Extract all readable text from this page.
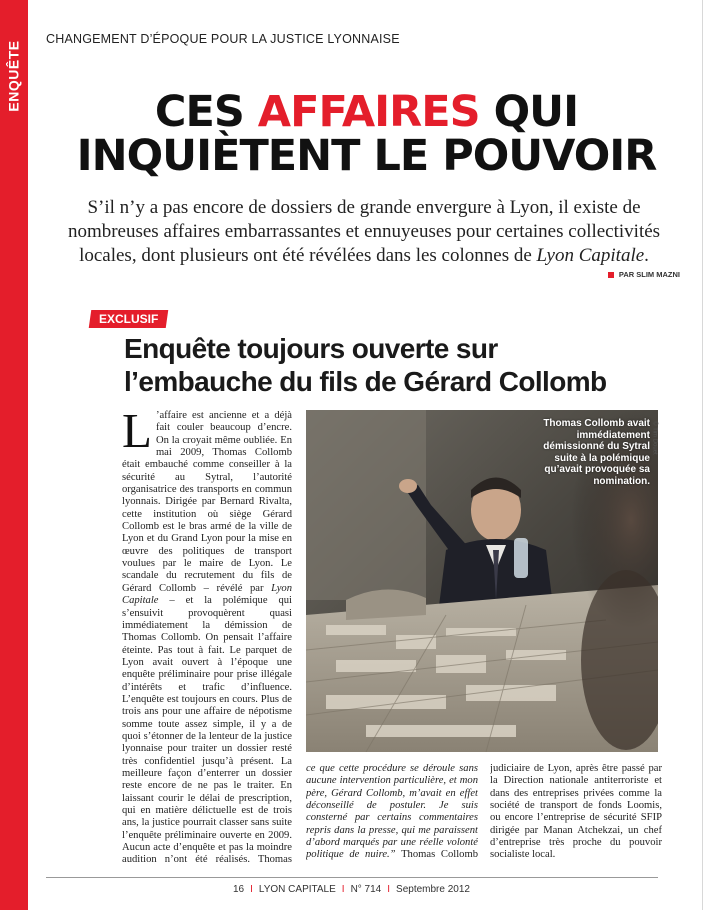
ENQUÊTE
CHANGEMENT D’ÉPOQUE POUR LA JUSTICE LYONNAISE
CES AFFAIRES QUI
INQUIÈTENT LE POUVOIR

S’il n’y a pas encore de dossiers de grande envergure à Lyon, il existe de nombreuses affaires embarrassantes et ennuyeuses pour certaines collectivités locales, dont plusieurs ont été révélées dans les colonnes de Lyon Capitale.

PAR SLIM MAZNI
EXCLUSIF
Enquête toujours ouverte sur
l’embauche du fils de Gérard Collomb
L ’affaire est ancienne et a déjà fait couler beaucoup d’encre. On la croyait même oubliée. En mai 2009, Thomas Collomb était embauché comme conseiller à la sécurité au Sytral, l’autorité organisatrice des transports en commun lyonnais. Dirigée par Bernard Rivalta, cette institution où siège Gérard Collomb est le bras armé de la ville de Lyon et du Grand Lyon pour la mise en œuvre des politiques de transport voulues par le maire de Lyon. Le scandale du recrutement du fils de Gérard Collomb – révélé par Lyon Capitale – et la polémique qui s’ensuivit provoquèrent quasi immédiatement la démission de Thomas Collomb. On pensait l’affaire éteinte. Pas tout à fait. Le parquet de Lyon avait ouvert à l’époque une enquête préliminaire pour prise illégale d’intérêts et trafic d’influence. L’enquête est toujours en cours. Plus de trois ans pour une affaire de népotisme somme toute assez simple, il y a de quoi s’étonner de la lenteur de la justice lyonnaise pour traiter un dossier resté très confidentiel jusqu’à présent. La meilleure façon d’enterrer un dossier reste encore de ne pas le traiter. En laissant courir le délai de prescription, qui en matière délictuelle est de trois ans, la justice pourrait classer sans suite l’enquête préliminaire ouverte en 2009. Aucun acte d’enquête et pas la moindre audition n’ont été réalisés. Thomas
Thomas Collomb avait immédiatement démissionné du Sytral suite à la polémique qu’avait provoquée sa nomination.
© Tim Douet
ce que cette procédure se déroule sans aucune intervention particulière, et mon père, Gérard Collomb, m’avait en effet déconseillé de postuler. Je suis consterné par certains commentaires repris dans la presse, qui me paraissent d’abord marqués par une réelle volonté politique de nuire.” Thomas Collomb
judiciaire de Lyon, après être passé par la Direction nationale antiterroriste et dans des entreprises privées comme la société de transport de fonds Loomis, ou encore l’entreprise de sécurité SFIP dirigée par Manan Atchekzai, un chef d’entreprise très proche du pouvoir socialiste local.
16 I LYON CAPITALE I N° 714 I Septembre 2012
